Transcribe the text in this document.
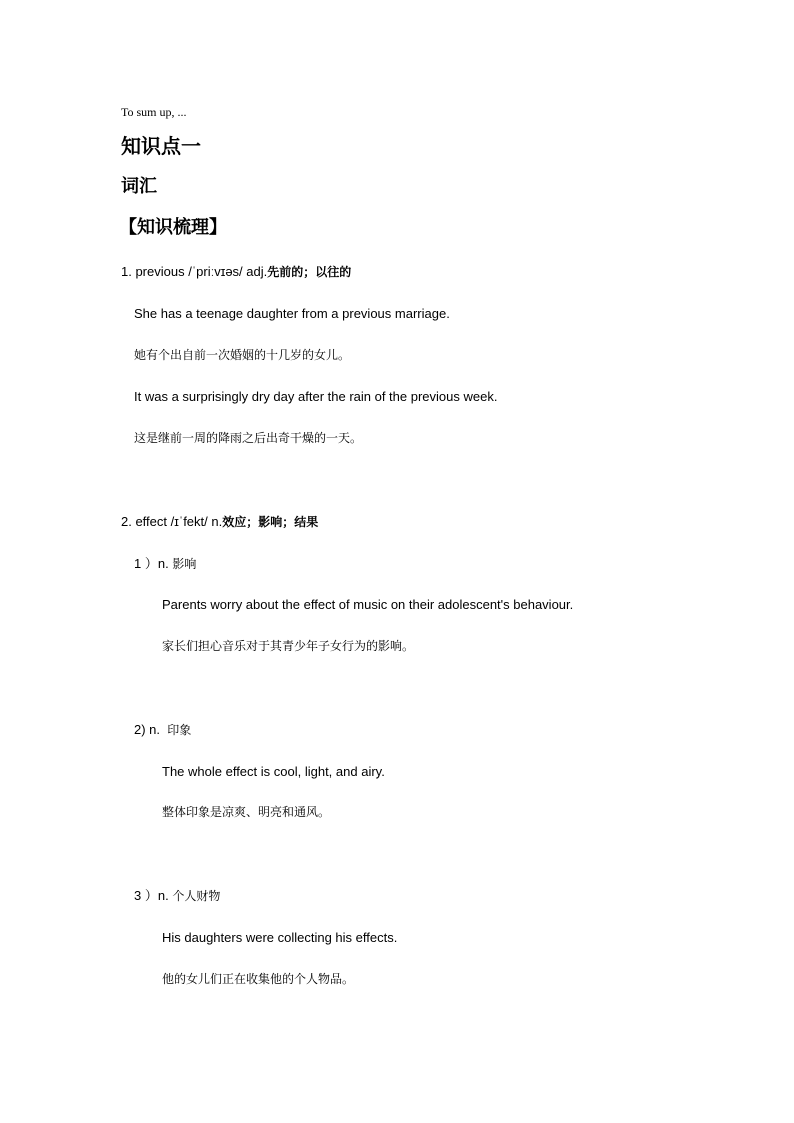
To sum up, ...
知识点一
词汇
【知识梳理】
1. previous /ˈpriːvɪəs/ adj.先前的；以往的
She has a teenage daughter from a previous marriage.
她有个出自前一次婚姻的十几岁的女儿。
It was a surprisingly dry day after the rain of the previous week.
这是继前一周的降雨之后出奇干燥的一天。
2. effect /ɪˈfekt/ n.效应；影响；结果
1 ）n. 影响
Parents worry about the effect of music on their adolescent's behaviour.
家长们担心音乐对于其青少年子女行为的影响。
2) n. 印象
The whole effect is cool, light, and airy.
整体印象是凉爽、明亮和通风。
3 ）n. 个人财物
His daughters were collecting his effects.
他的女儿们正在收集他的个人物品。
